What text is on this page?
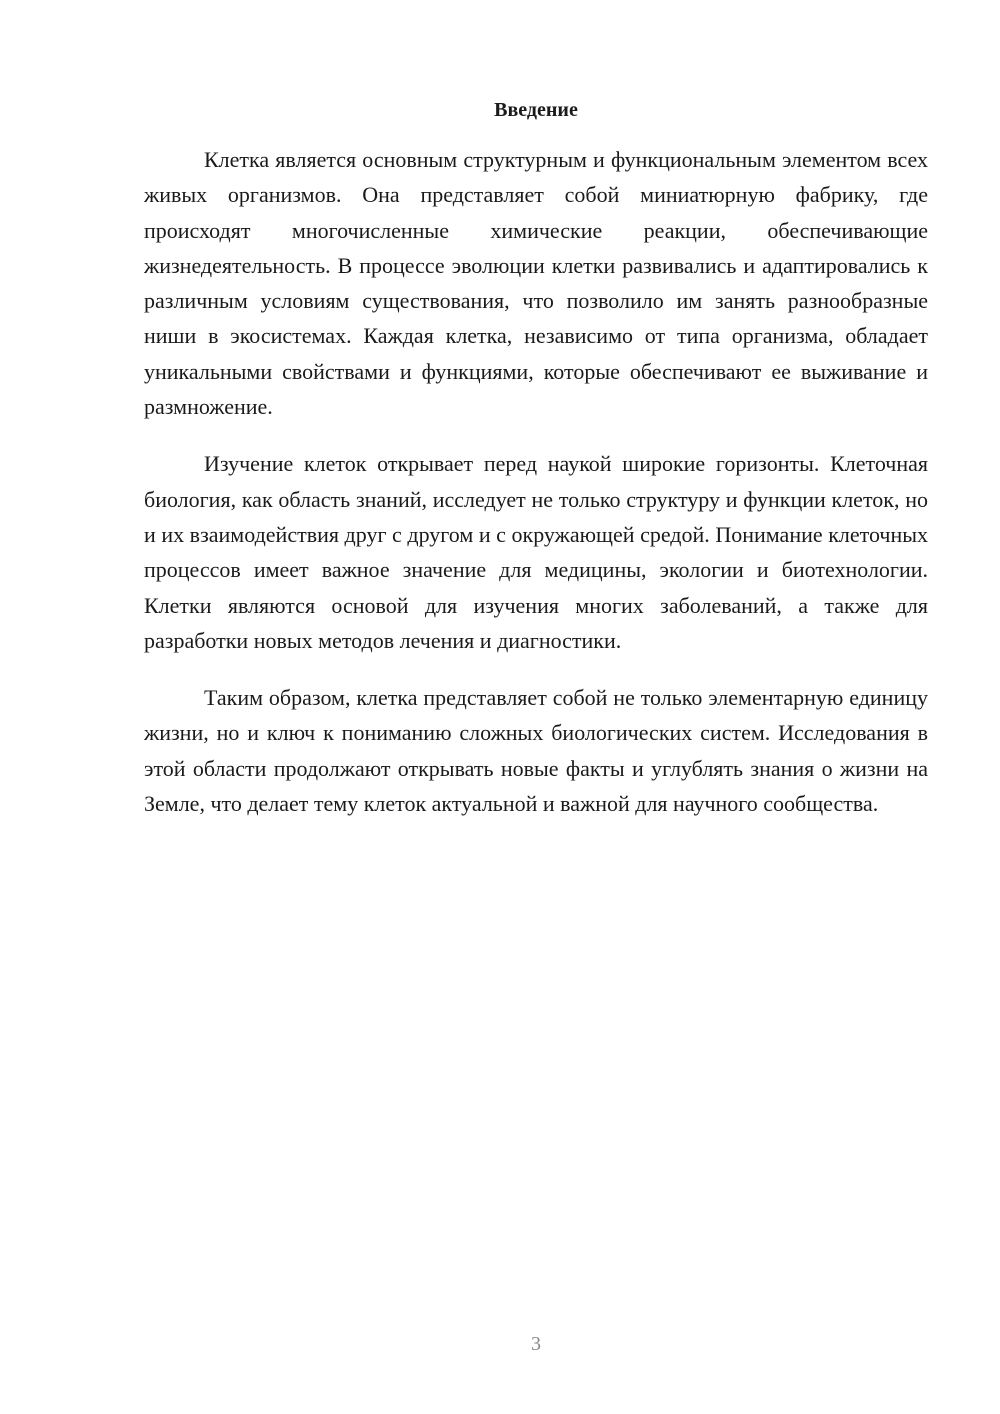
Введение

Клетка является основным структурным и функциональным элементом всех живых организмов. Она представляет собой миниатюрную фабрику, где происходят многочисленные химические реакции, обеспечивающие жизнедеятельность. В процессе эволюции клетки развивались и адаптировались к различным условиям существования, что позволило им занять разнообразные ниши в экосистемах. Каждая клетка, независимо от типа организма, обладает уникальными свойствами и функциями, которые обеспечивают ее выживание и размножение.

Изучение клеток открывает перед наукой широкие горизонты. Клеточная биология, как область знаний, исследует не только структуру и функции клеток, но и их взаимодействия друг с другом и с окружающей средой. Понимание клеточных процессов имеет важное значение для медицины, экологии и биотехнологии. Клетки являются основой для изучения многих заболеваний, а также для разработки новых методов лечения и диагностики.

Таким образом, клетка представляет собой не только элементарную единицу жизни, но и ключ к пониманию сложных биологических систем. Исследования в этой области продолжают открывать новые факты и углублять знания о жизни на Земле, что делает тему клеток актуальной и важной для научного сообщества.

3
